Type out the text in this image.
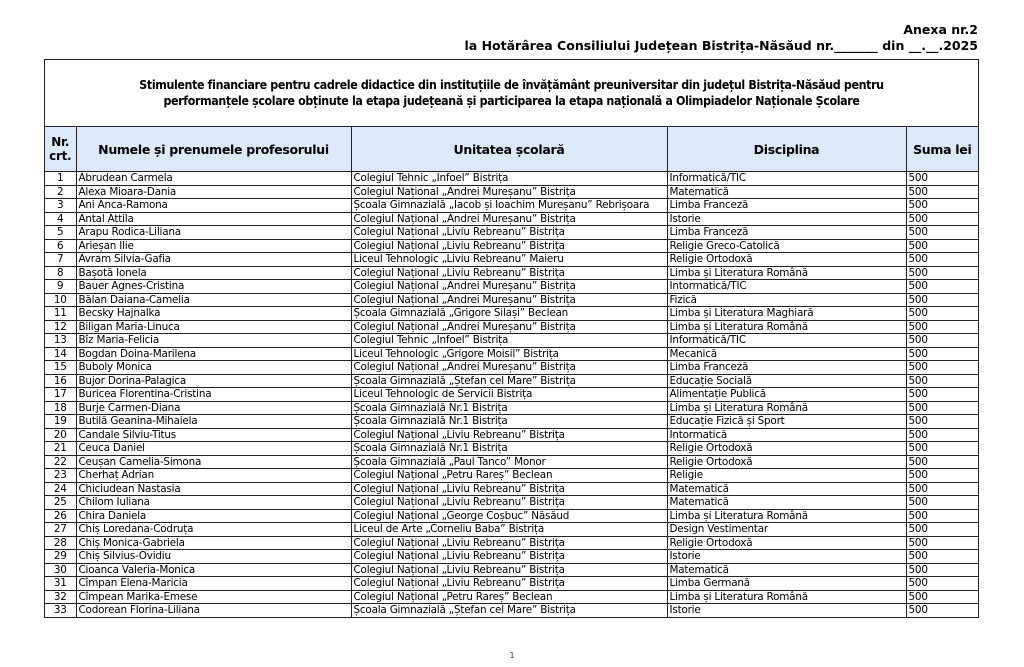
Anexa nr.2
la Hotărârea Consiliului Județean Bistrița-Năsăud nr._______ din __.__.2025
Stimulente financiare pentru cadrele didactice din instituțiile de învățământ preuniversitar din județul Bistrița-Năsăud pentru
performanțele școlare obținute la etapa județeană și participarea la etapa națională a Olimpiadelor Naționale Școlare
Nr.
crt.	Numele și prenumele profesorului	Unitatea școlară	Disciplina	Suma lei
1	Abrudean Carmela	Colegiul Tehnic „Infoel” Bistrița	Informatică/TIC	500
2	Alexa Mioara-Dania	Colegiul Național „Andrei Mureșanu” Bistrița	Matematică	500
3	Ani Anca-Ramona	Școala Gimnazială „Iacob și Ioachim Mureșanu” Rebrișoara	Limba Franceză	500
4	Antal Attila	Colegiul Național „Andrei Mureșanu” Bistrița	Istorie	500
5	Arapu Rodica-Liliana	Colegiul Național „Liviu Rebreanu” Bistrița	Limba Franceză	500
6	Arieșan Ilie	Colegiul Național „Liviu Rebreanu” Bistrița	Religie Greco-Catolică	500
7	Avram Silvia-Gafia	Liceul Tehnologic „Liviu Rebreanu” Maieru	Religie Ortodoxă	500
8	Bașotă Ionela	Colegiul Național „Liviu Rebreanu” Bistrița	Limba și Literatura Română	500
9	Bauer Agnes-Cristina	Colegiul Național „Andrei Mureșanu” Bistrița	Intormatică/TIC	500
10	Bălan Daiana-Camelia	Colegiul Național „Andrei Mureșanu” Bistrița	Fizică	500
11	Becsky Hajnalka	Școala Gimnazială „Grigore Silași” Beclean	Limba și Literatura Maghiară	500
12	Biligan Maria-Linuca	Colegiul Național „Andrei Mureșanu” Bistrița	Limba și Literatura Română	500
13	Bîz Maria-Felicia	Colegiul Tehnic „Infoel” Bistrița	Informatică/TIC	500
14	Bogdan Doina-Marilena	Liceul Tehnologic „Grigore Moisil” Bistrița	Mecanică	500
15	Buboly Monica	Colegiul Național „Andrei Mureșanu” Bistrița	Limba Franceză	500
16	Bujor Dorina-Palagica	Școala Gimnazială „Ștefan cel Mare” Bistrița	Educație Socială	500
17	Buricea Florentina-Cristina	Liceul Tehnologic de Servicii Bistrița	Alimentație Publică	500
18	Burje Carmen-Diana	Școala Gimnazială Nr.1 Bistrița	Limba și Literatura Română	500
19	Butilă Geanina-Mihaiela	Școala Gimnazială Nr.1 Bistrița	Educație Fizică și Sport	500
20	Candale Silviu-Titus	Colegiul Național „Liviu Rebreanu” Bistrița	Intormatică	500
21	Ceuca Daniel	Școala Gimnazială Nr.1 Bistrița	Religie Ortodoxă	500
22	Ceușan Camelia-Simona	Școala Gimnazială „Paul Tanco” Monor	Religie Ortodoxă	500
23	Cherhaț Adrian	Colegiul Național „Petru Rareș” Beclean	Religie	500
24	Chiciudean Nastasia	Colegiul Național „Liviu Rebreanu” Bistrița	Matematică	500
25	Chilom Iuliana	Colegiul Național „Liviu Rebreanu” Bistrița	Matematică	500
26	Chira Daniela	Colegiul Național „George Coșbuc” Năsăud	Limba și Literatura Română	500
27	Chiș Loredana-Codruța	Liceul de Arte „Corneliu Baba” Bistrița	Design Vestimentar	500
28	Chiș Monica-Gabriela	Colegiul Național „Liviu Rebreanu” Bistrița	Religie Ortodoxă	500
29	Chiș Silvius-Ovidiu	Colegiul Național „Liviu Rebreanu” Bistrița	Istorie	500
30	Cioanca Valeria-Monica	Colegiul Național „Liviu Rebreanu” Bistrița	Matematică	500
31	Cîmpan Elena-Maricia	Colegiul Național „Liviu Rebreanu” Bistrița	Limba Germană	500
32	Cîmpean Marika-Emese	Colegiul Național „Petru Rareș” Beclean	Limba și Literatura Română	500
33	Codorean Florina-Liliana	Școala Gimnazială „Ștefan cel Mare” Bistrița	Istorie	500
1
